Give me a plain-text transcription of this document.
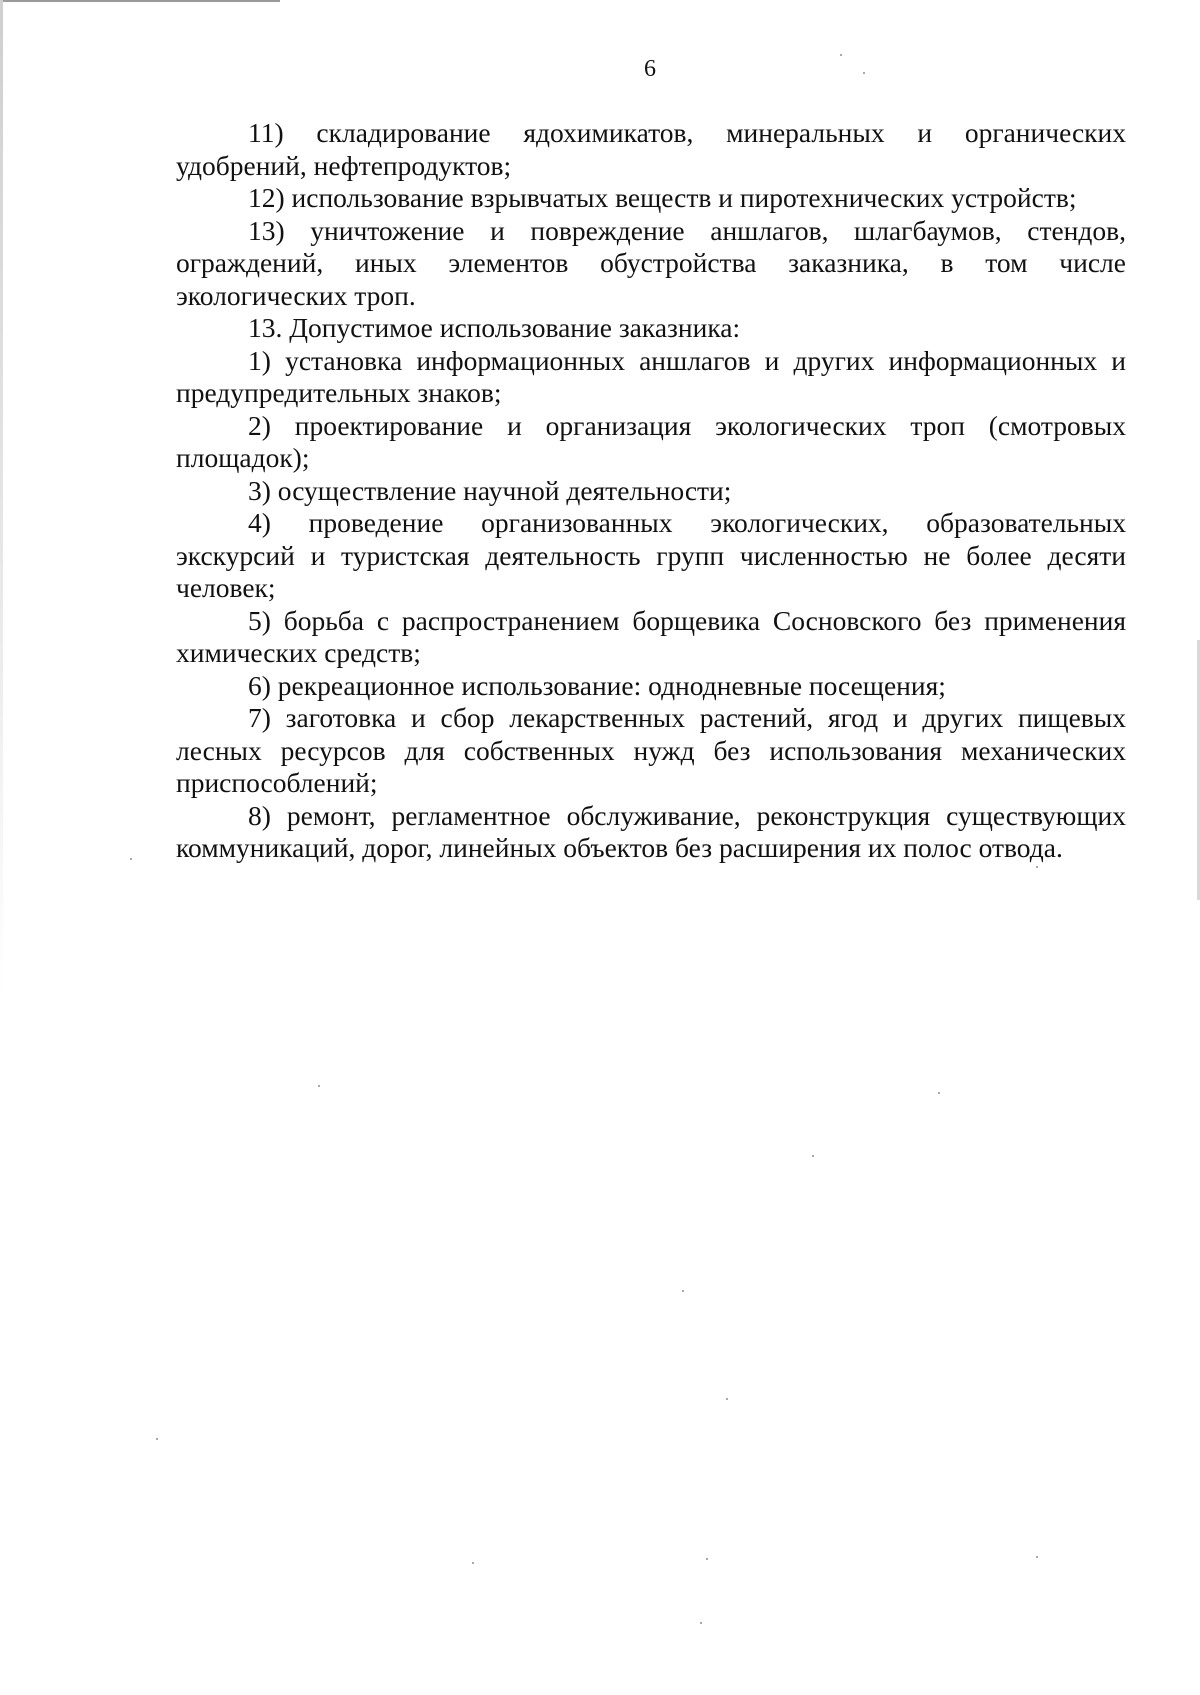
6

11) складирование ядохимикатов, минеральных и органических удобрений, нефтепродуктов;

12) использование взрывчатых веществ и пиротехнических устройств;

13) уничтожение и повреждение аншлагов, шлагбаумов, стендов, ограждений, иных элементов обустройства заказника, в том числе экологических троп.

13. Допустимое использование заказника:

1) установка информационных аншлагов и других информационных и предупредительных знаков;

2) проектирование и организация экологических троп (смотровых площадок);

3) осуществление научной деятельности;

4) проведение организованных экологических, образовательных экскурсий и туристская деятельность групп численностью не более десяти человек;

5) борьба с распространением борщевика Сосновского без применения химических средств;

6) рекреационное использование: однодневные посещения;

7) заготовка и сбор лекарственных растений, ягод и других пищевых лесных ресурсов для собственных нужд без использования механических приспособлений;

8) ремонт, регламентное обслуживание, реконструкция существующих коммуникаций, дорог, линейных объектов без расширения их полос отвода.
